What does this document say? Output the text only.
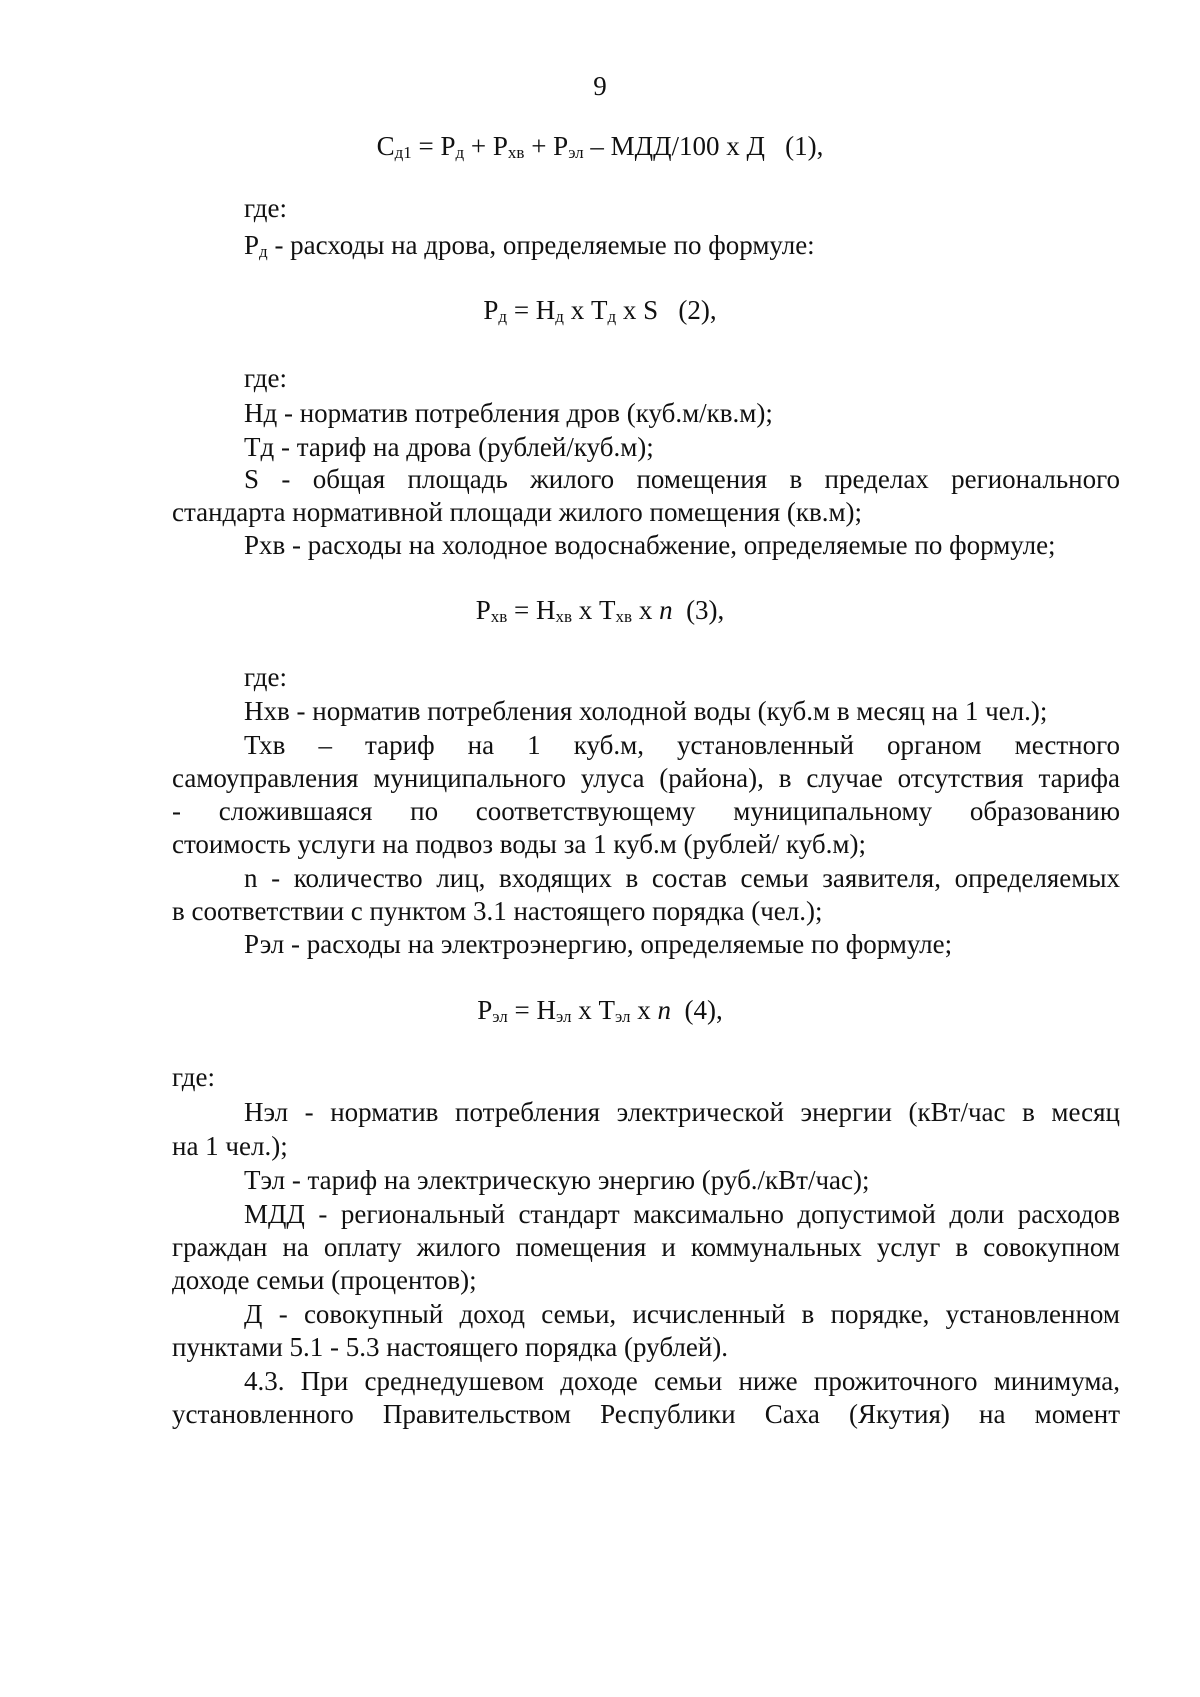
9
$С_{д1} = Р_д + Р_{хв} + Р_{эл} - МДД/100$ х Д   (1),
где:
$Р_д$ - расходы на дрова, определяемые по формуле:
$Р_д = Н_д$ х $Т_д$ х S   (2),
где:
Нд - норматив потребления дров (куб.м/кв.м);
Тд - тариф на дрова (рублей/куб.м);
S - общая площадь жилого помещения в пределах регионального
стандарта нормативной площади жилого помещения (кв.м);
Рхв - расходы на холодное водоснабжение, определяемые по формуле;
$Р_{хв} = Н_{хв}$ х $Т_{хв}$ х n  (3),
где:
Нхв - норматив потребления холодной воды (куб.м в месяц на 1 чел.);
Тхв – тариф на 1 куб.м, установленный органом местного
самоуправления муниципального улуса (района), в случае отсутствия тарифа
- сложившаяся по соответствующему муниципальному образованию
стоимость услуги на подвоз воды за 1 куб.м (рублей/ куб.м);
n - количество лиц, входящих в состав семьи заявителя, определяемых
в соответствии с пунктом 3.1 настоящего порядка (чел.);
Рэл - расходы на электроэнергию, определяемые по формуле;
$Р_{эл} = Н_{эл}$ х $Т_{эл}$ х n  (4),
где:
Нэл - норматив потребления электрической энергии (кВт/час в месяц
на 1 чел.);
Тэл - тариф на электрическую энергию (руб./кВт/час);
МДД - региональный стандарт максимально допустимой доли расходов
граждан на оплату жилого помещения и коммунальных услуг в совокупном
доходе семьи (процентов);
Д - совокупный доход семьи, исчисленный в порядке, установленном
пунктами 5.1 - 5.3 настоящего порядка (рублей).
4.3. При среднедушевом доходе семьи ниже прожиточного минимума,
установленного Правительством Республики Саха (Якутия) на момент
